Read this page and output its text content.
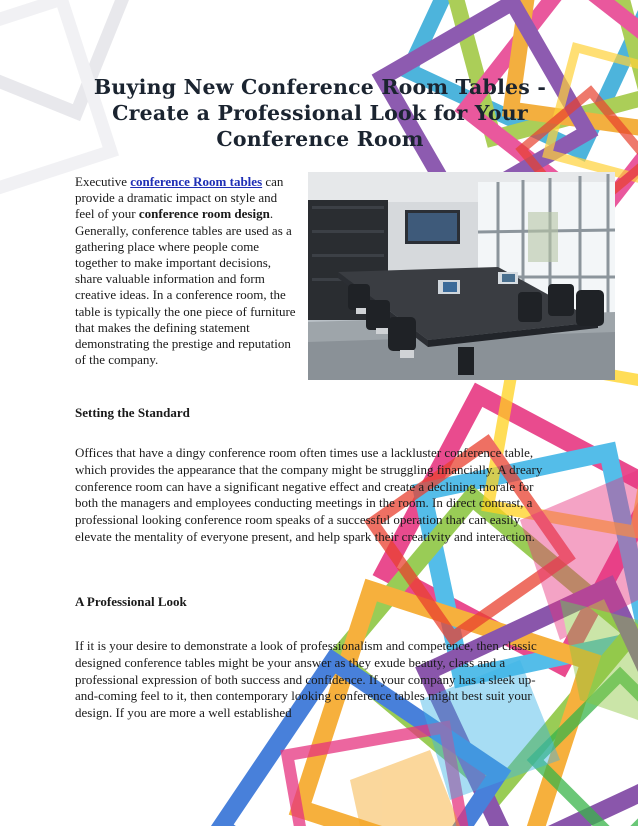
Buying New Conference Room Tables - Create a Professional Look for Your Conference Room

Executive conference Room tables can provide a dramatic impact on style and feel of your conference room design. Generally, conference tables are used as a gathering place where people come together to make important decisions, share valuable information and form creative ideas. In a conference room, the table is typically the one piece of furniture that makes the defining statement demonstrating the prestige and reputation of the company.

Setting the Standard

Offices that have a dingy conference room often times use a lackluster conference table, which provides the appearance that the company might be struggling financially. A dreary conference room can have a significant negative effect and create a declining morale for both the managers and employees conducting meetings in the room. In direct contrast, a professional looking conference room speaks of a successful operation that can easily elevate the mentality of everyone present, and help spark their creativity and interaction.

A Professional Look

If it is your desire to demonstrate a look of professionalism and competence, then classic designed conference tables might be your answer as they exude beauty, class and a professional expression of both success and confidence. If your company has a sleek up-and-coming feel to it, then contemporary looking conference tables might best suit your design. If you are more a well established
